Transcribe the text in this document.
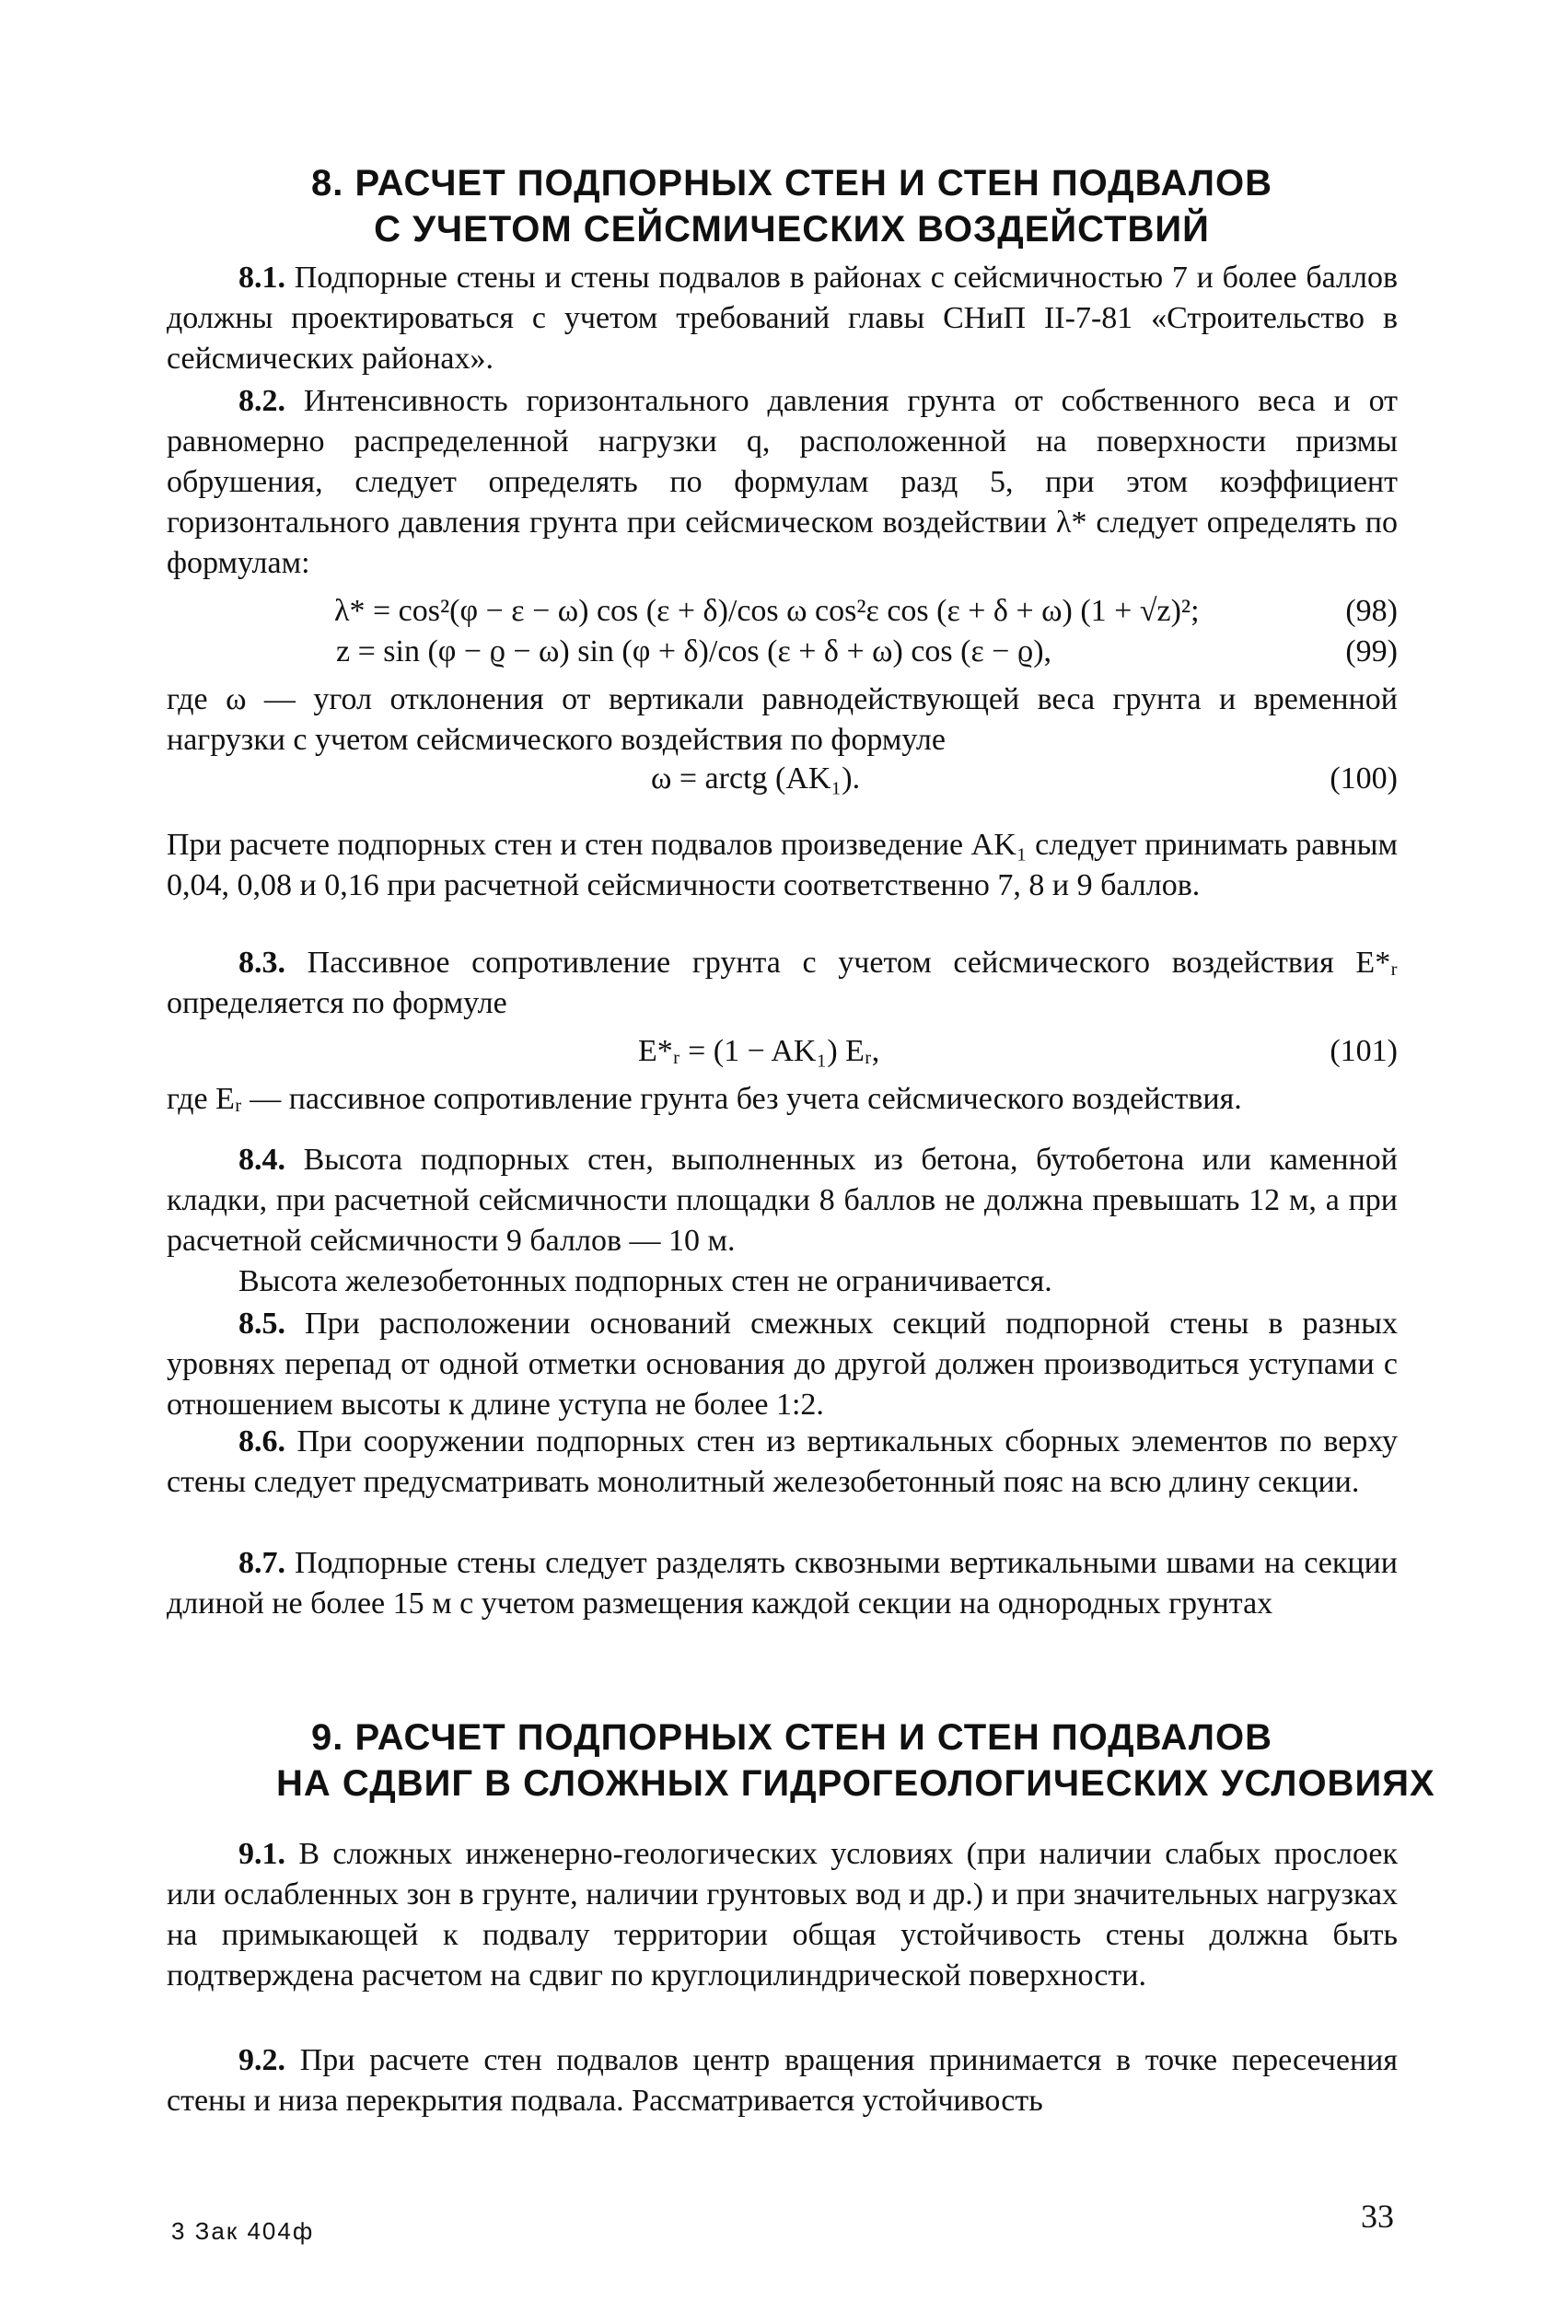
8. РАСЧЕТ ПОДПОРНЫХ СТЕН И СТЕН ПОДВАЛОВ
С УЧЕТОМ СЕЙСМИЧЕСКИХ ВОЗДЕЙСТВИЙ

8.1. Подпорные стены и стены подвалов в районах с сейсмичностью 7 и более баллов должны проектироваться с учетом требований главы СНиП II-7-81 «Строительство в сейсмических районах».

8.2. Интенсивность горизонтального давления грунта от собственного веса и от равномерно распределенной нагрузки q, расположенной на поверхности призмы обрушения, следует определять по формулам разд 5, при этом коэффициент горизонтального давления грунта при сейсмическом воздействии λ* следует определять по формулам:

λ* = cos²(φ − ε − ω) cos (ε + δ)/cos ω cos²ε cos (ε + δ + ω) (1 + √z)²;	(98)
z = sin (φ − ϱ − ω) sin (φ + δ)/cos (ε + δ + ω) cos (ε − ϱ),	(99)

где ω — угол отклонения от вертикали равнодействующей веса грунта и временной нагрузки с учетом сейсмического воздействия по формуле

ω = arctg (AK₁).	(100)

При расчете подпорных стен и стен подвалов произведение AK₁ следует принимать равным 0,04, 0,08 и 0,16 при расчетной сейсмичности соответственно 7, 8 и 9 баллов.

8.3. Пассивное сопротивление грунта с учетом сейсмического воздействия E*ᵣ определяется по формуле

E*ᵣ = (1 − AK₁) Eᵣ,	(101)

где Eᵣ — пассивное сопротивление грунта без учета сейсмического воздействия.

8.4. Высота подпорных стен, выполненных из бетона, бутобетона или каменной кладки, при расчетной сейсмичности площадки 8 баллов не должна превышать 12 м, а при расчетной сейсмичности 9 баллов — 10 м.

Высота железобетонных подпорных стен не ограничивается.

8.5. При расположении оснований смежных секций подпорной стены в разных уровнях перепад от одной отметки основания до другой должен производиться уступами с отношением высоты к длине уступа не более 1:2.

8.6. При сооружении подпорных стен из вертикальных сборных элементов по верху стены следует предусматривать монолитный железобетонный пояс на всю длину секции.

8.7. Подпорные стены следует разделять сквозными вертикальными швами на секции длиной не более 15 м с учетом размещения каждой секции на однородных грунтах

9. РАСЧЕТ ПОДПОРНЫХ СТЕН И СТЕН ПОДВАЛОВ
НА СДВИГ В СЛОЖНЫХ ГИДРОГЕОЛОГИЧЕСКИХ УСЛОВИЯХ

9.1. В сложных инженерно-геологических условиях (при наличии слабых прослоек или ослабленных зон в грунте, наличии грунтовых вод и др.) и при значительных нагрузках на примыкающей к подвалу территории общая устойчивость стены должна быть подтверждена расчетом на сдвиг по круглоцилиндрической поверхности.

9.2. При расчете стен подвалов центр вращения принимается в точке пересечения стены и низа перекрытия подвала. Рассматривается устойчивость

3 Зак 404ф	33
